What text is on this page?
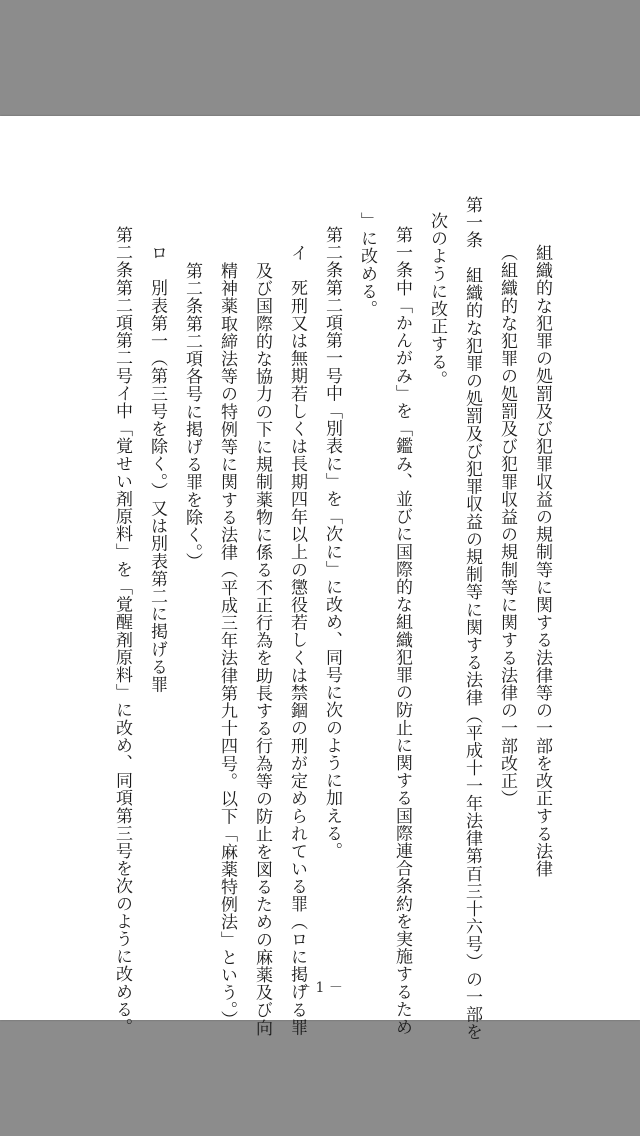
組織的な犯罪の処罰及び犯罪収益の規制等に関する法律等の一部を改正する法律
（組織的な犯罪の処罰及び犯罪収益の規制等に関する法律の一部改正）
第一条　組織的な犯罪の処罰及び犯罪収益の規制等に関する法律（平成十一年法律第百三十六号）の一部を
次のように改正する。
第一条中「かんがみ」を「鑑み、並びに国際的な組織犯罪の防止に関する国際連合条約を実施するため
」に改める。
第二条第二項第一号中「別表に」を「次に」に改め、同号に次のように加える。
イ　死刑又は無期若しくは長期四年以上の懲役若しくは禁錮の刑が定められている罪（ロに掲げる罪
及び国際的な協力の下に規制薬物に係る不正行為を助長する行為等の防止を図るための麻薬及び向
精神薬取締法等の特例等に関する法律（平成三年法律第九十四号。以下「麻薬特例法」という。）
第二条第二項各号に掲げる罪を除く。）
ロ　別表第一（第三号を除く。）又は別表第二に掲げる罪
第二条第二項第二号イ中「覚せい剤原料」を「覚醒剤原料」に改め、同項第三号を次のように改める。	－ 1 －
